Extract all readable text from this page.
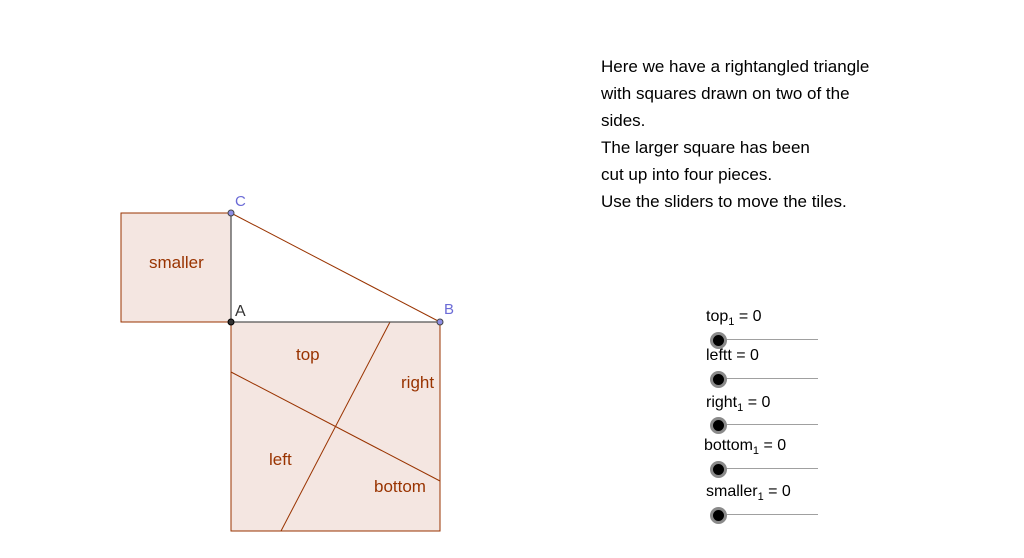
A	B
C
smaller
top
right
left
bottom
Here we have a rightangled triangle
with squares drawn on two of the
sides.
The larger square has been
cut up into four pieces.
Use the sliders to move the tiles.
top$_1$ = 0
leftt = 0
right$_1$ = 0
bottom$_1$ = 0
smaller$_1$ = 0
